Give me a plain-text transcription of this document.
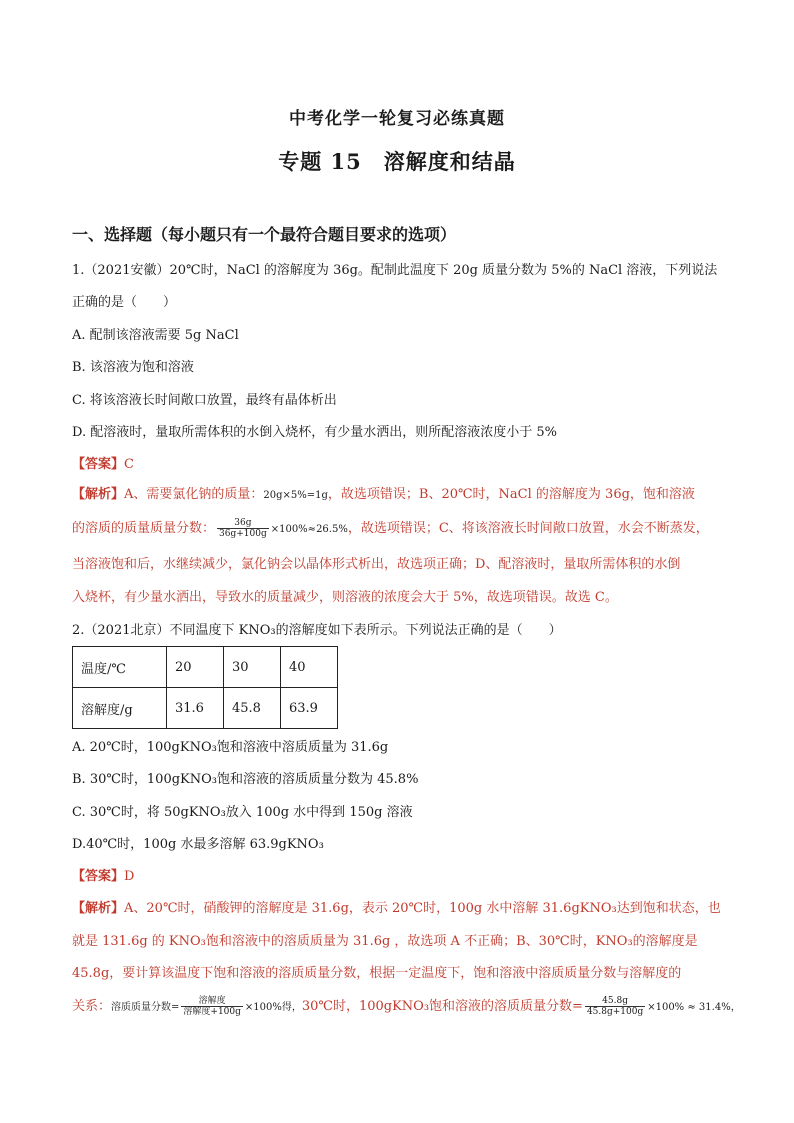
中考化学一轮复习必练真题
专题 15 溶解度和结晶
一、选择题（每小题只有一个最符合题目要求的选项）
1.（2021安徽）20℃时，NaCl 的溶解度为 36g。配制此温度下 20g 质量分数为 5%的 NaCl 溶液，下列说法
正确的是（　　）
A. 配制该溶液需要 5g NaCl
B. 该溶液为饱和溶液
C. 将该溶液长时间敞口放置，最终有晶体析出
D. 配溶液时，量取所需体积的水倒入烧杯，有少量水洒出，则所配溶液浓度小于 5%
【答案】C
【解析】A、需要氯化钠的质量：20g×5%=1g，故选项错误；B、20℃时，NaCl 的溶解度为 36g，饱和溶液
的溶质的质量质量分数： $\frac{36g}{36g+100g} \times 100\%\approx 26.5\%$，故选项错误；C、将该溶液长时间敞口放置，水会不断蒸发，
当溶液饱和后，水继续减少，氯化钠会以晶体形式析出，故选项正确；D、配溶液时，量取所需体积的水倒
入烧杯，有少量水洒出，导致水的质量减少，则溶液的浓度会大于 5%，故选项错误。故选 C。
2.（2021北京）不同温度下 KNO₃的溶解度如下表所示。下列说法正确的是（　　）
温度/℃	20	30	40
溶解度/g	31.6	45.8	63.9
A. 20℃时，100gKNO₃饱和溶液中溶质质量为 31.6g
B. 30℃时，100gKNO₃饱和溶液的溶质质量分数为 45.8%
C. 30℃时，将 50gKNO₃放入 100g 水中得到 150g 溶液
D.40℃时，100g 水最多溶解 63.9gKNO₃
【答案】D
【解析】A、20℃时，硝酸钾的溶解度是 31.6g，表示 20℃时，100g 水中溶解 31.6gKNO₃达到饱和状态，也
就是 131.6g 的 KNO₃饱和溶液中的溶质质量为 31.6g ，故选项 A 不正确；B、30℃时，KNO₃的溶解度是
45.8g，要计算该温度下饱和溶液的溶质质量分数，根据一定温度下，饱和溶液中溶质质量分数与溶解度的
关系：溶质质量分数= $\frac{\text{溶解度}}{\text{溶解度+100g}} \times 100\%$得，30℃时，100gKNO₃饱和溶液的溶质质量分数= $\frac{45.8g}{45.8g+100g} \times 100\% \approx 31.4\%$，
